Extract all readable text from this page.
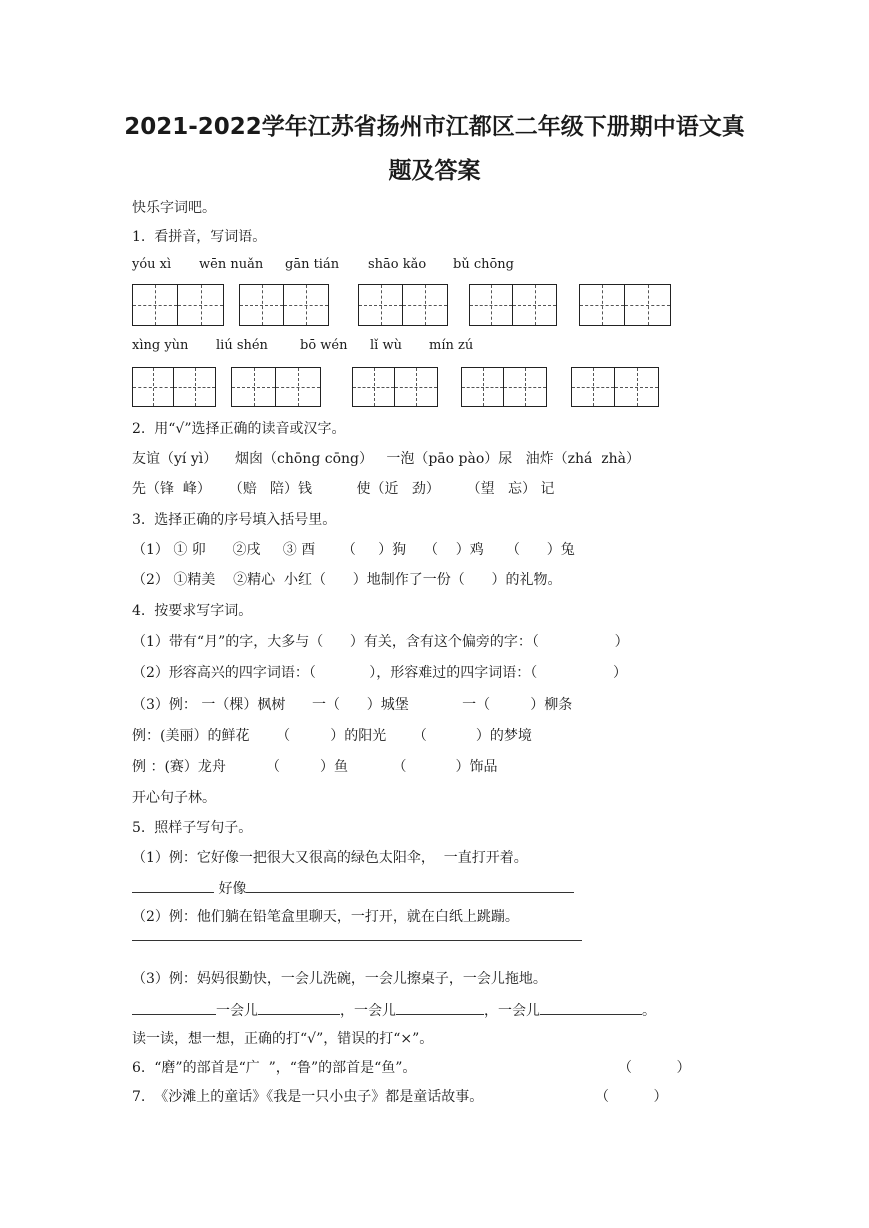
2021-2022学年江苏省扬州市江都区二年级下册期中语文真
题及答案
快乐字词吧。
1.  看拼音，写词语。
yóu xì wēn nuǎn gān tián shāo kǎo bǔ chōng
xìng yùn liú shén bō wén lǐ wù mín zú
2.  用“√”选择正确的读音或汉字。
友谊（yí yì）    烟囱（chōng cōng）   一泡（pāo pào）尿   油炸（zhá  zhà）
先（锋  峰）    （赔   陪）钱          使（近   劲）      （望   忘） 记
3.  选择正确的序号填入括号里。
（1） ① 卯      ②戌     ③ 酉      （     ）狗    （    ）鸡     （      ）兔
（2） ①精美    ②精心  小红（      ）地制作了一份（      ）的礼物。
4.  按要求写字词。
（1）带有“月”的字，大多与（      ）有关，含有这个偏旁的字：（                 ）
（2）形容高兴的四字词语：（            ），形容难过的四字词语：（                 ）
（3）例： 一（棵）枫树      一（      ）城堡            一（         ）柳条
例：(美丽）的鲜花      （         ）的阳光      （           ）的梦境
例 ：(赛）龙舟         （         ）鱼          （           ）饰品
开心句子林。
5.  照样子写句子。
（1）例：它好像一把很大又很高的绿色太阳伞，  一直打开着。
好像
（2）例：他们躺在铅笔盒里聊天，一打开，就在白纸上跳蹦。
（3）例：妈妈很勤快，一会儿洗碗，一会儿擦桌子，一会儿拖地。
一会儿	，一会儿	，一会儿	。
读一读，想一想，正确的打“√”，错误的打“×”。
6.  “磨”的部首是“广  ”，“鲁”的部首是“鱼”。	（          ）
7.  《沙滩上的童话》《我是一只小虫子》都是童话故事。	（          ）
